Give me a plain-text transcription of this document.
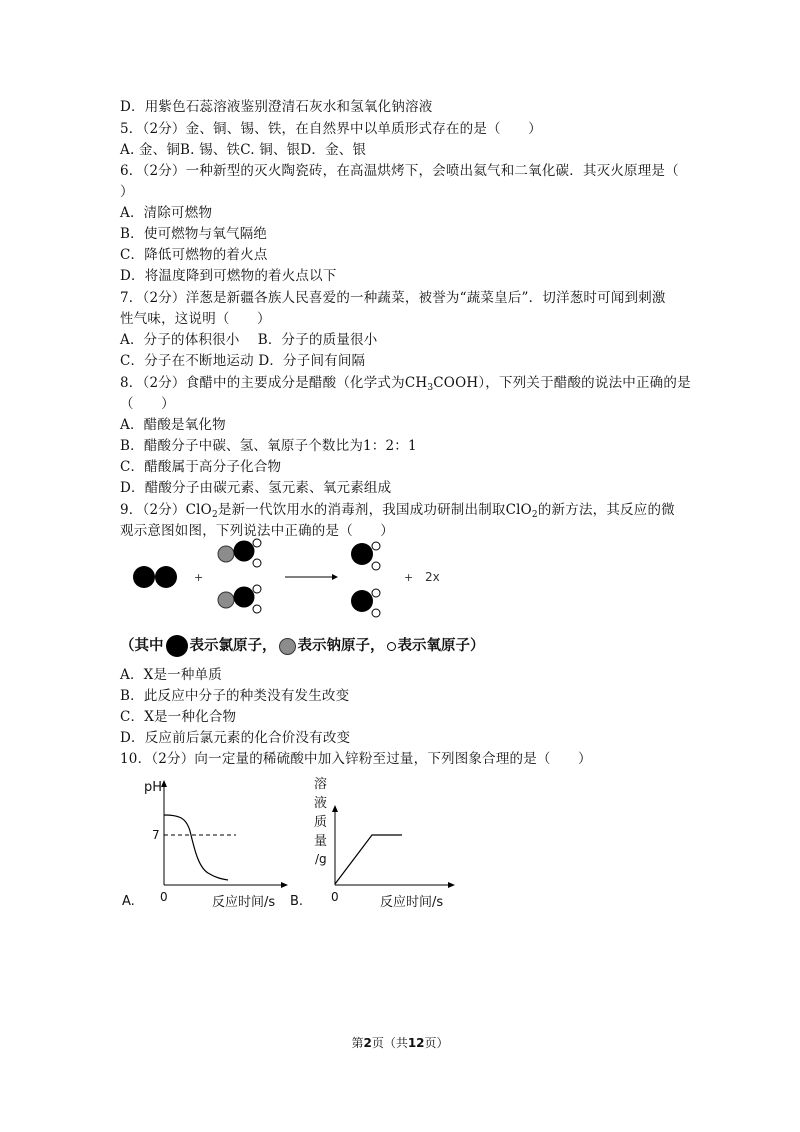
D．用紫色石蕊溶液鉴别澄清石灰水和氢氧化钠溶液
5．（2分）金、铜、锡、铁，在自然界中以单质形式存在的是（　　）
A. 金、铜B. 锡、铁C. 铜、银D．金、银
6．（2分）一种新型的灭火陶瓷砖，在高温烘烤下，会喷出氦气和二氧化碳．其灭火原理是（
）
A．清除可燃物
B．使可燃物与氧气隔绝
C．降低可燃物的着火点
D．将温度降到可燃物的着火点以下
7．（2分）洋葱是新疆各族人民喜爱的一种蔬菜，被誉为“蔬菜皇后”．切洋葱时可闻到刺激
性气味，这说明（　　）
A．分子的体积很小　 B．分子的质量很小
C．分子在不断地运动 D．分子间有间隔
8．（2分）食醋中的主要成分是醋酸（化学式为$CH_3COOH$），下列关于醋酸的说法中正确的是
（　　）
A．醋酸是氧化物
B．醋酸分子中碳、氢、氧原子个数比为1：2：1
C．醋酸属于高分子化合物
D．醋酸分子由碳元素、氢元素、氧元素组成
9．（2分）ClO$_2$是新一代饮用水的消毒剂，我国成功研制出制取ClO$_2$的新方法，其反应的微
观示意图如图，下列说法中正确的是（　　）
+	+ 2x
（其中 表示氯原子， 表示钠原子， 表示氧原子）
A．X是一种单质
B．此反应中分子的种类没有发生改变
C．X是一种化合物
D．反应前后氯元素的化合价没有改变
10．（2分）向一定量的稀硫酸中加入锌粉至过量，下列图象合理的是（　　）
A.
pH
7
0	反应时间/s B.
溶
液
质
量
/g
0	反应时间/s
第2页（共12页）
